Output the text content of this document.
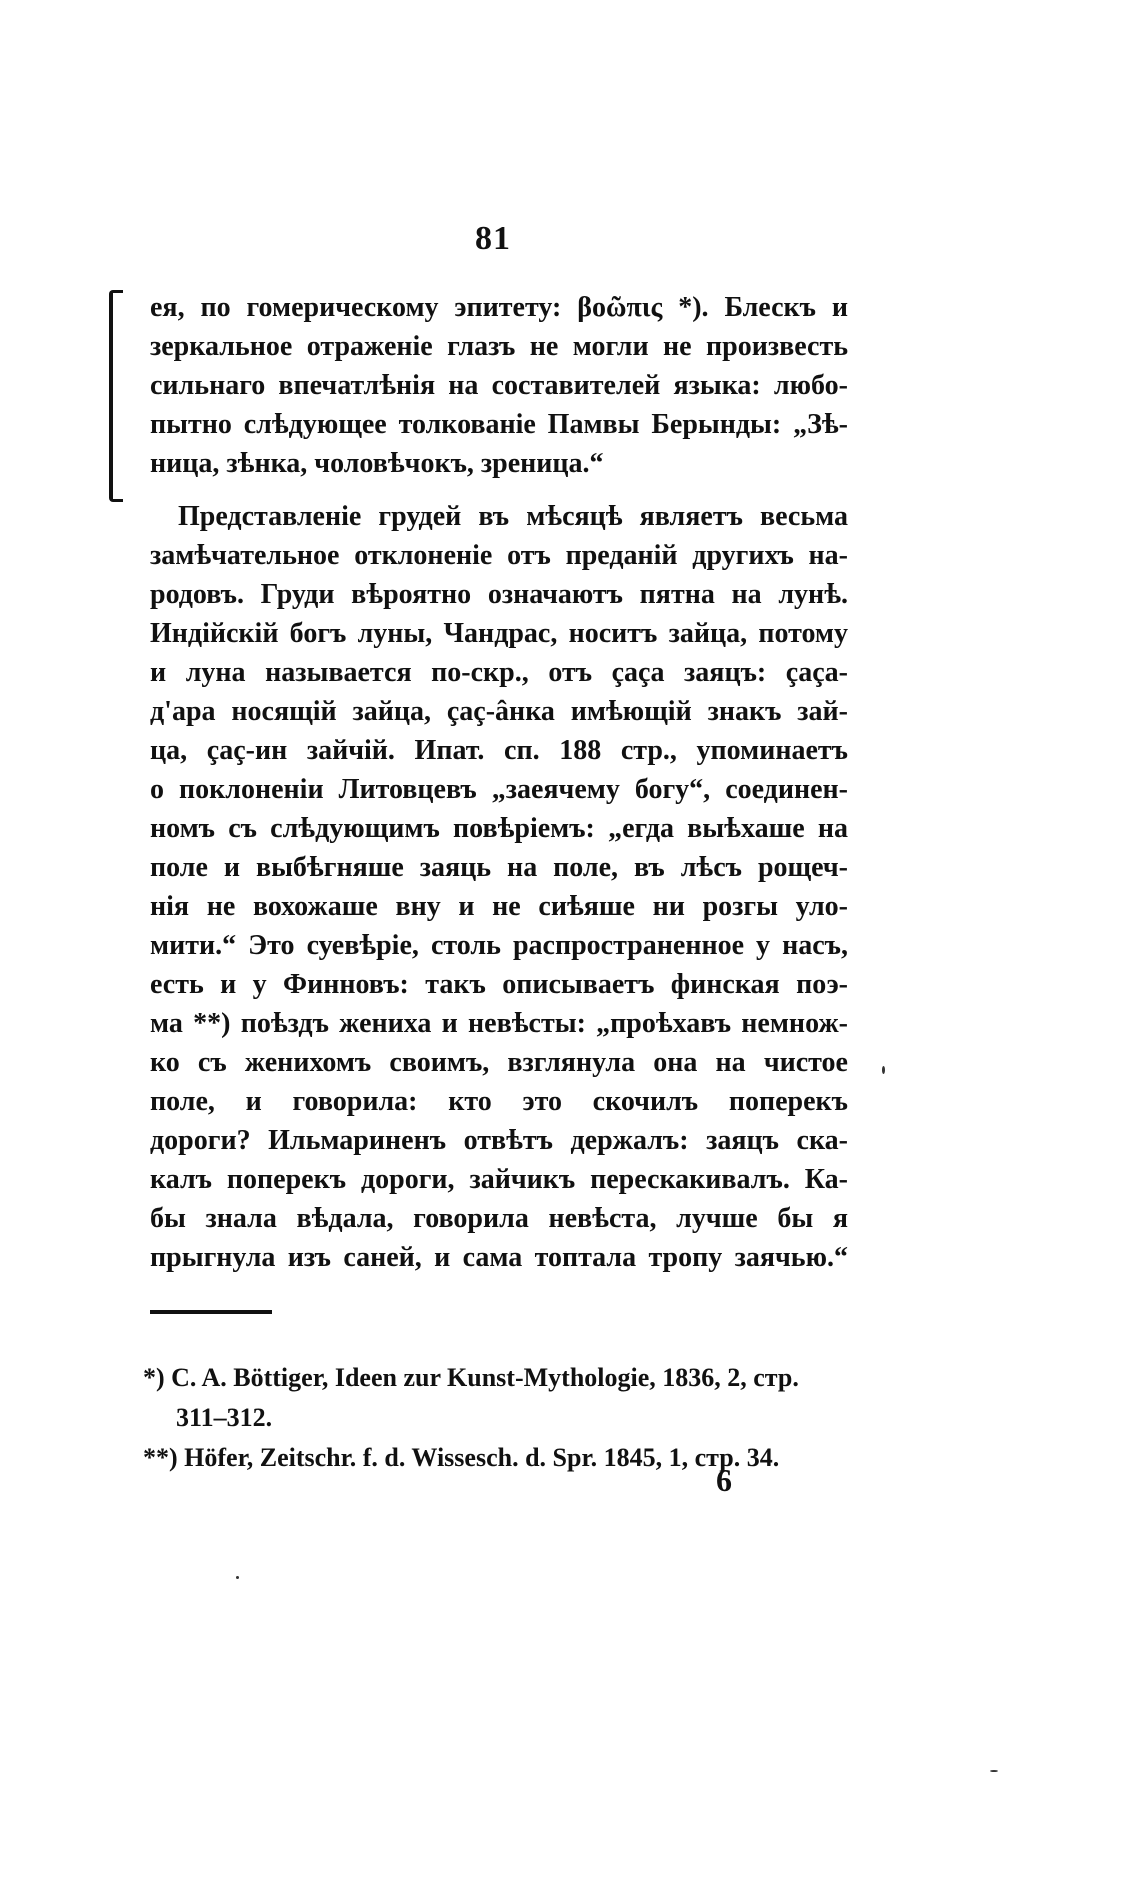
81
ея, по гомерическому эпитету: βοῶπις *). Блескъ и
зеркальное отраженіе глазъ не могли не произвесть
сильнаго впечатлѣнія на составителей языка: любо-
пытно слѣдующее толкованіе Памвы Берынды: „Зѣ-
ница, зѣнка, чоловѣчокъ, зреница.“
Представленіе грудей въ мѣсяцѣ являетъ весьма
замѣчательное отклоненіе отъ преданій другихъ на-
родовъ. Груди вѣроятно означаютъ пятна на лунѣ.
Индійскій богъ луны, Чандрас, носитъ зайца, потому
и луна называется по-скр., отъ çаça заяцъ: çаça-
д'ара носящій зайца, çаç-âнка имѣющій знакъ зай-
ца, çаç-ин зайчій. Ипат. сп. 188 стр., упоминаетъ
о поклоненіи Литовцевъ „заеячему богу“, соединен-
номъ съ слѣдующимъ повѣріемъ: „егда выѣхаше на
поле и выбѣгняше заяць на поле, въ лѣсъ рощеч-
нія не вохожаше вну и не сиѣяше ни розгы уло-
мити.“ Это суевѣріе, столь распространенное у насъ,
есть и у Финновъ: такъ описываетъ финская поэ-
ма **) поѣздъ жениха и невѣсты: „проѣхавъ немнож-
ко съ женихомъ своимъ, взглянула она на чистое
поле, и говорила: кто это скочилъ поперекъ
дороги? Ильмариненъ отвѣтъ держалъ: заяцъ ска-
калъ поперекъ дороги, зайчикъ перескакивалъ. Ка-
бы знала вѣдала, говорила невѣста, лучше бы я
прыгнула изъ саней, и сама топтала тропу заячью.“
*) C. A. Böttiger, Ideen zur Kunst-Mythologie, 1836, 2, стр.
311–312.
**) Höfer, Zeitschr. f. d. Wissesch. d. Spr. 1845, 1, стр. 34.
6
